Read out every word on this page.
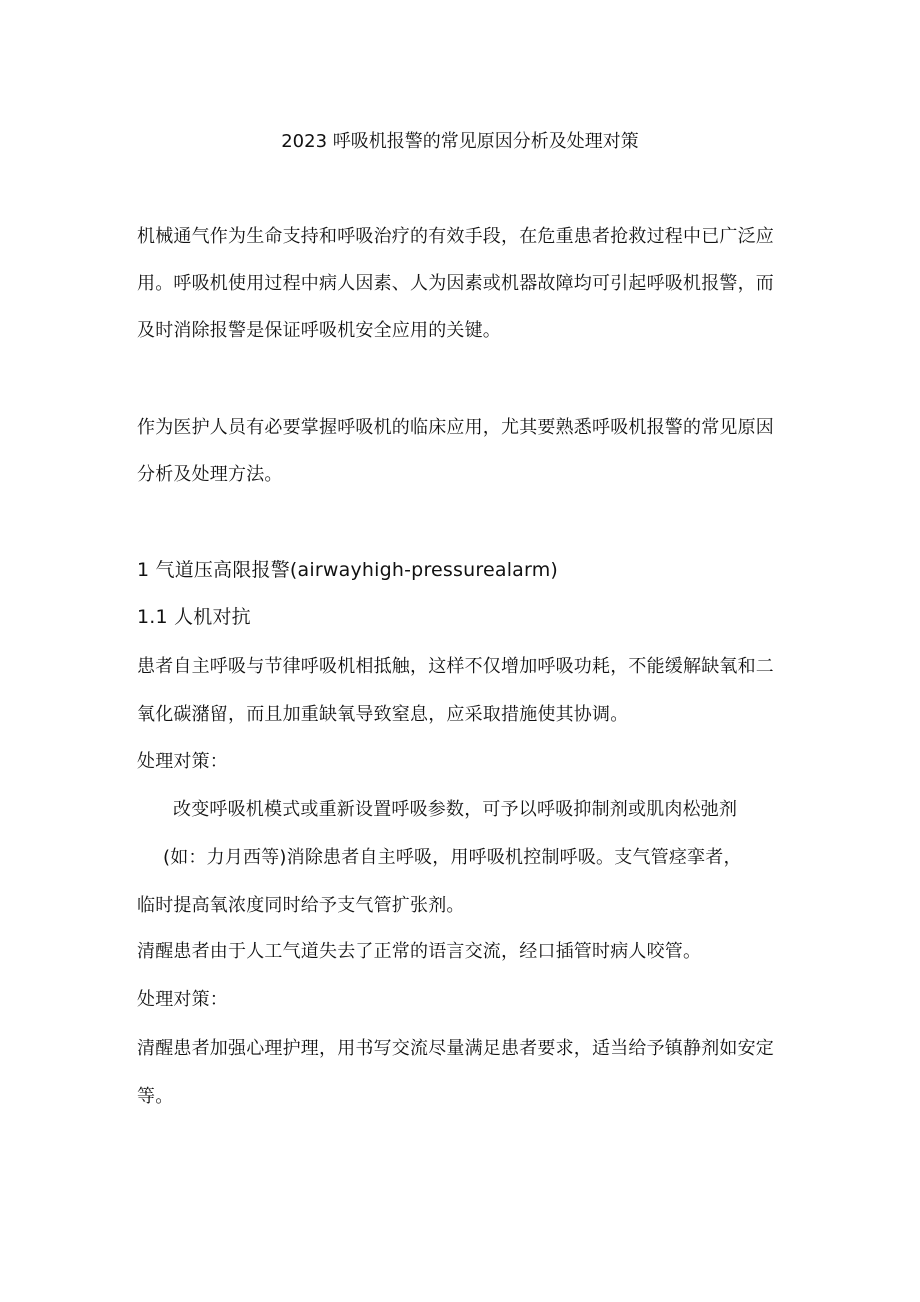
2023 呼吸机报警的常见原因分析及处理对策
机械通气作为生命支持和呼吸治疗的有效手段，在危重患者抢救过程中已广泛应
用。呼吸机使用过程中病人因素、人为因素或机器故障均可引起呼吸机报警，而
及时消除报警是保证呼吸机安全应用的关键。
作为医护人员有必要掌握呼吸机的临床应用，尤其要熟悉呼吸机报警的常见原因
分析及处理方法。
1 气道压高限报警(airwayhigh-pressurealarm)
1.1 人机对抗
患者自主呼吸与节律呼吸机相抵触，这样不仅增加呼吸功耗，不能缓解缺氧和二
氧化碳潴留，而且加重缺氧导致窒息，应采取措施使其协调。
处理对策：
改变呼吸机模式或重新设置呼吸参数，可予以呼吸抑制剂或肌肉松弛剂
(如：力月西等)消除患者自主呼吸，用呼吸机控制呼吸。支气管痉挛者，
临时提高氧浓度同时给予支气管扩张剂。
清醒患者由于人工气道失去了正常的语言交流，经口插管时病人咬管。
处理对策：
清醒患者加强心理护理，用书写交流尽量满足患者要求，适当给予镇静剂如安定
等。
